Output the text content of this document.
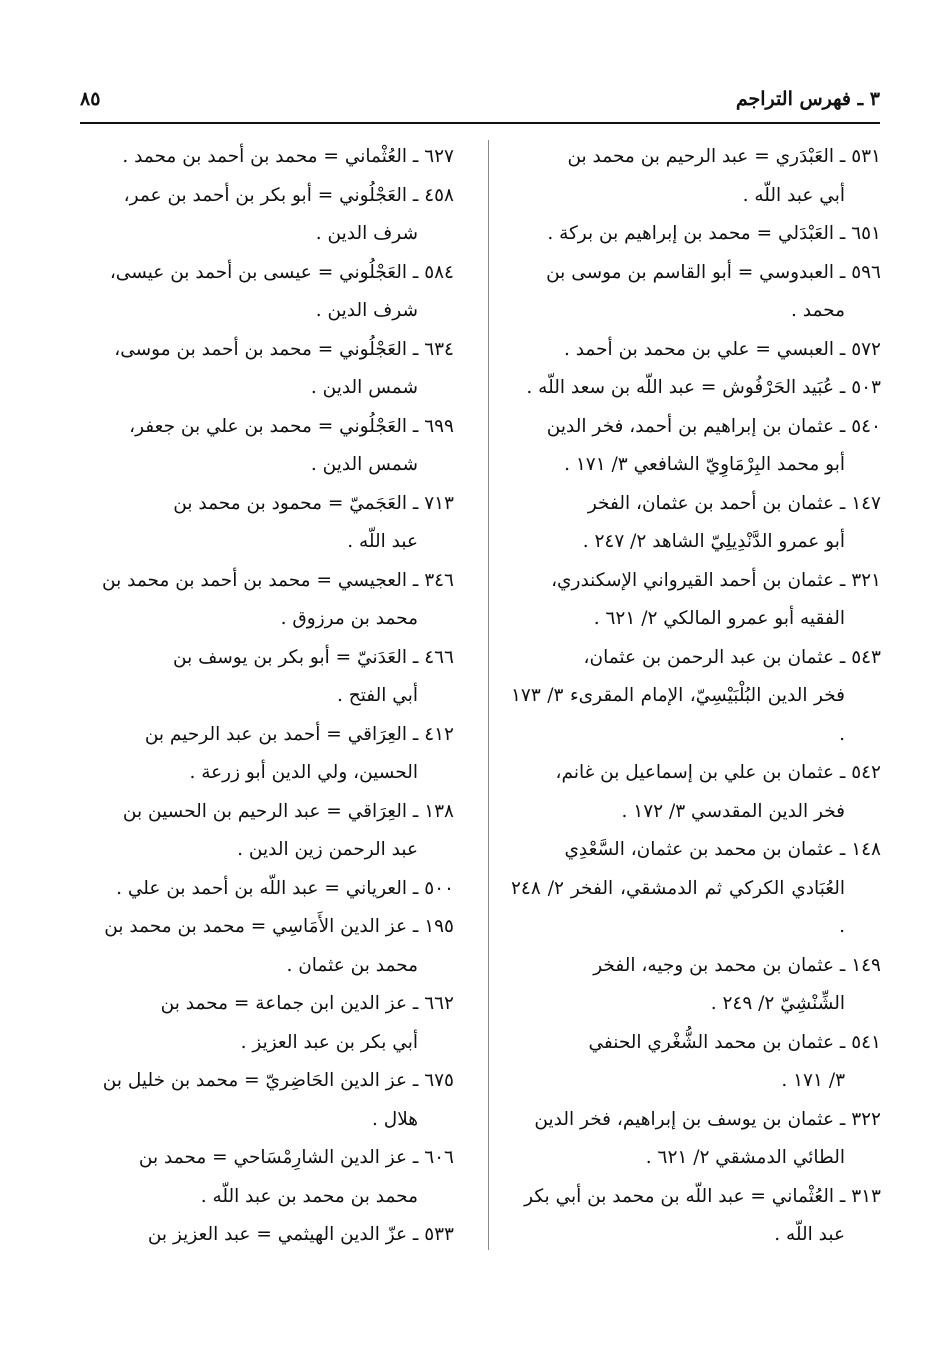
٣ ـ فهرس التراجم
٨٥
٥٣١ ـ العَبْدَري = عبد الرحيم بن محمد بن
أبي عبد اللّه .
٦٥١ ـ العَبْدَلي = محمد بن إبراهيم بن بركة .
٥٩٦ ـ العبدوسي = أبو القاسم بن موسى بن
محمد .
٥٧٢ ـ العبسي = علي بن محمد بن أحمد .
٥٠٣ ـ عُبَيد الحَرْفُوش = عبد اللّه بن سعد اللّه .
٥٤٠ ـ عثمان بن إبراهيم بن أحمد، فخر الدين
أبو محمد البِرْمَاوِيّ الشافعي ٣/ ١٧١ .
١٤٧ ـ عثمان بن أحمد بن عثمان، الفخر
أبو عمرو الدَّنْدِيلِيّ الشاهد ٢/ ٢٤٧ .
٣٢١ ـ عثمان بن أحمد القيرواني الإسكندري،
الفقيه أبو عمرو المالكي ٢/ ٦٢١ .
٥٤٣ ـ عثمان بن عبد الرحمن بن عثمان،
فخر الدين البُلْبَيْسِيّ، الإمام المقرىء ٣/ ١٧٣ .
٥٤٢ ـ عثمان بن علي بن إسماعيل بن غانم،
فخر الدين المقدسي ٣/ ١٧٢ .
١٤٨ ـ عثمان بن محمد بن عثمان، السَّعْدِي
العُبَادي الكركي ثم الدمشقي، الفخر ٢/ ٢٤٨ .
١٤٩ ـ عثمان بن محمد بن وجيه، الفخر
الشِّنْشِيّ ٢/ ٢٤٩ .
٥٤١ ـ عثمان بن محمد الشُّغْري الحنفي
٣/ ١٧١ .
٣٢٢ ـ عثمان بن يوسف بن إبراهيم، فخر الدين
الطائي الدمشقي ٢/ ٦٢١ .
٣١٣ ـ العُثْماني = عبد اللّه بن محمد بن أبي بكر
عبد اللّه .
٦٢٧ ـ العُثْماني = محمد بن أحمد بن محمد .
٤٥٨ ـ العَجْلُوني = أبو بكر بن أحمد بن عمر،
شرف الدين .
٥٨٤ ـ العَجْلُوني = عيسى بن أحمد بن عيسى،
شرف الدين .
٦٣٤ ـ العَجْلُوني = محمد بن أحمد بن موسى،
شمس الدين .
٦٩٩ ـ العَجْلُوني = محمد بن علي بن جعفر،
شمس الدين .
٧١٣ ـ العَجَميّ = محمود بن محمد بن
عبد اللّه .
٣٤٦ ـ العجيسي = محمد بن أحمد بن محمد بن
محمد بن مرزوق .
٤٦٦ ـ العَدَنيّ = أبو بكر بن يوسف بن
أبي الفتح .
٤١٢ ـ العِرَاقي = أحمد بن عبد الرحيم بن
الحسين، ولي الدين أبو زرعة .
١٣٨ ـ العِرَاقي = عبد الرحيم بن الحسين بن
عبد الرحمن زين الدين .
٥٠٠ ـ العرياني = عبد اللّه بن أحمد بن علي .
١٩٥ ـ عز الدين الأَمَاسِي = محمد بن محمد بن
محمد بن عثمان .
٦٦٢ ـ عز الدين ابن جماعة = محمد بن
أبي بكر بن عبد العزيز .
٦٧٥ ـ عز الدين الحَاضِريّ = محمد بن خليل بن
هلال .
٦٠٦ ـ عز الدين الشارِمْسَاحي = محمد بن
محمد بن محمد بن عبد اللّه .
٥٣٣ ـ عزّ الدين الهيثمي = عبد العزيز بن
